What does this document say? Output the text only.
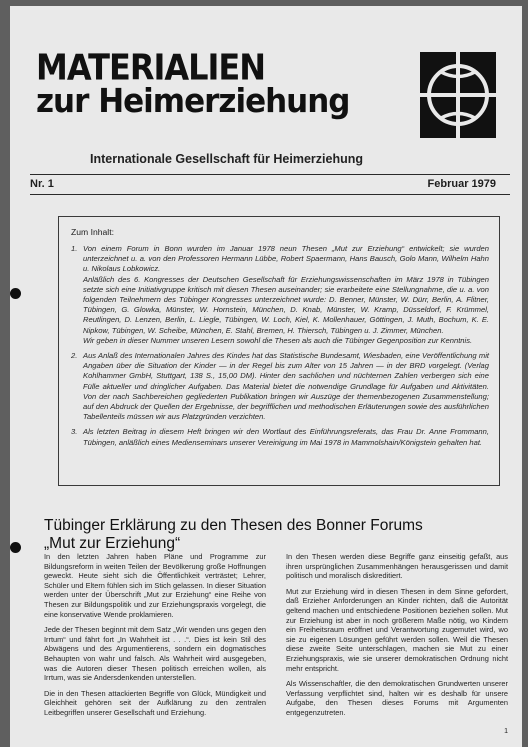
MATERIALIEN
zur Heimerziehung
Internationale Gesellschaft für Heimerziehung
Nr. 1	Februar 1979
Zum Inhalt:
1. Von einem Forum in Bonn wurden im Januar 1978 neun Thesen „Mut zur Erziehung“ entwickelt; sie wurden unterzeichnet u. a. von den Professoren Hermann Lübbe, Robert Spaermann, Hans Bausch, Golo Mann, Wilhelm Hahn u. Nikolaus Lobkowicz.

Anläßlich des 6. Kongresses der Deutschen Gesellschaft für Erziehungswissenschaften im März 1978 in Tübingen setzte sich eine Initiativgruppe kritisch mit diesen Thesen auseinander; sie erarbeitete eine Stellungnahme, die u. a. von folgenden Teilnehmern des Tübinger Kongresses unterzeichnet wurde: D. Benner, Münster, W. Dürr, Berlin, A. Flitner, Tübingen, G. Glowka, Münster, W. Hornstein, München, D. Knab, Münster, W. Kramp, Düsseldorf, F. Krümmel, Reutlingen, D. Lenzen, Berlin, L. Liegle, Tübingen, W. Loch, Kiel, K. Mollenhauer, Göttingen, J. Muth, Bochum, K. E. Nipkow, Tübingen, W. Scheibe, München, E. Stahl, Bremen, H. Thiersch, Tübingen u. J. Zimmer, München.

Wir geben in dieser Nummer unseren Lesern sowohl die Thesen als auch die Tübinger Gegenposition zur Kenntnis.

2. Aus Anlaß des Internationalen Jahres des Kindes hat das Statistische Bundesamt, Wiesbaden, eine Veröffentlichung mit Angaben über die Situation der Kinder — in der Regel bis zum Alter von 15 Jahren — in der BRD vorgelegt. (Verlag Kohlhammer GmbH, Stuttgart, 138 S., 15,00 DM). Hinter den sachlichen und nüchternen Zahlen verbergen sich eine Fülle aktueller und dringlicher Aufgaben. Das Material bietet die notwendige Grundlage für Aufgaben und Aktivitäten. Von der nach Sachbereichen gegliederten Publikation bringen wir Auszüge der themenbezogenen Zusammenstellung; auf den Abdruck der Quellen der Ergebnisse, der begrifflichen und methodischen Erläuterungen sowie des ausführlichen Tabellenteils müssen wir aus Platzgründen verzichten.

3. Als letzten Beitrag in diesem Heft bringen wir den Wortlaut des Einführungsreferats, das Frau Dr. Anne Frommann, Tübingen, anläßlich eines Medienseminars unserer Vereinigung im Mai 1978 in Mammolshain/Königstein gehalten hat.

Tübinger Erklärung zu den Thesen des Bonner Forums
„Mut zur Erziehung“

In den letzten Jahren haben Pläne und Programme zur Bildungsreform in weiten Teilen der Bevölkerung große Hoffnungen geweckt. Heute sieht sich die Öffentlichkeit verträstet; Lehrer, Schüler und Eltern fühlen sich im Stich gelassen. In dieser Situation werden unter der Überschrift „Mut zur Erziehung“ eine Reihe von Thesen zur Bildungspolitik und zur Erziehungspraxis vorgelegt, die eine konservative Wende proklamieren.

Jede der Thesen beginnt mit dem Satz „Wir wenden uns gegen den Irrtum“ und fährt fort „In Wahrheit ist . . .“. Dies ist kein Stil des Abwägens und des Argumentierens, sondern ein dogmatisches Behaupten von wahr und falsch. Als Wahrheit wird ausgegeben, was die Autoren dieser Thesen politisch erreichen wollen, als Irrtum, was sie Andersdenkenden unterstellen.

Die in den Thesen attackierten Begriffe von Glück, Mündigkeit und Gleichheit gehören seit der Aufklärung zu den zentralen Leitbegriffen unserer Gesellschaft und Erziehung.

In den Thesen werden diese Begriffe ganz einseitig gefaßt, aus ihren ursprünglichen Zusammenhängen herausgerissen und damit politisch und moralisch diskreditiert.

Mut zur Erziehung wird in diesen Thesen in dem Sinne gefordert, daß Erzieher Anforderungen an Kinder richten, daß die Autorität geltend machen und entschiedene Positionen beziehen sollen. Mut zur Erziehung ist aber in noch größerem Maße nötig, wo Kindern ein Freiheitsraum eröffnet und Verantwortung zugemutet wird, wo sie zu eigenen Lösungen geführt werden sollen. Weil die Thesen diese zweite Seite unterschlagen, machen sie Mut zu einer Erziehungspraxis, wie sie unserer demokratischen Ordnung nicht mehr entspricht.

Als Wissenschaftler, die den demokratischen Grundwerten unserer Verfassung verpflichtet sind, halten wir es deshalb für unsere Aufgabe, den Thesen dieses Forums mit Argumenten entgegenzutreten.

1
